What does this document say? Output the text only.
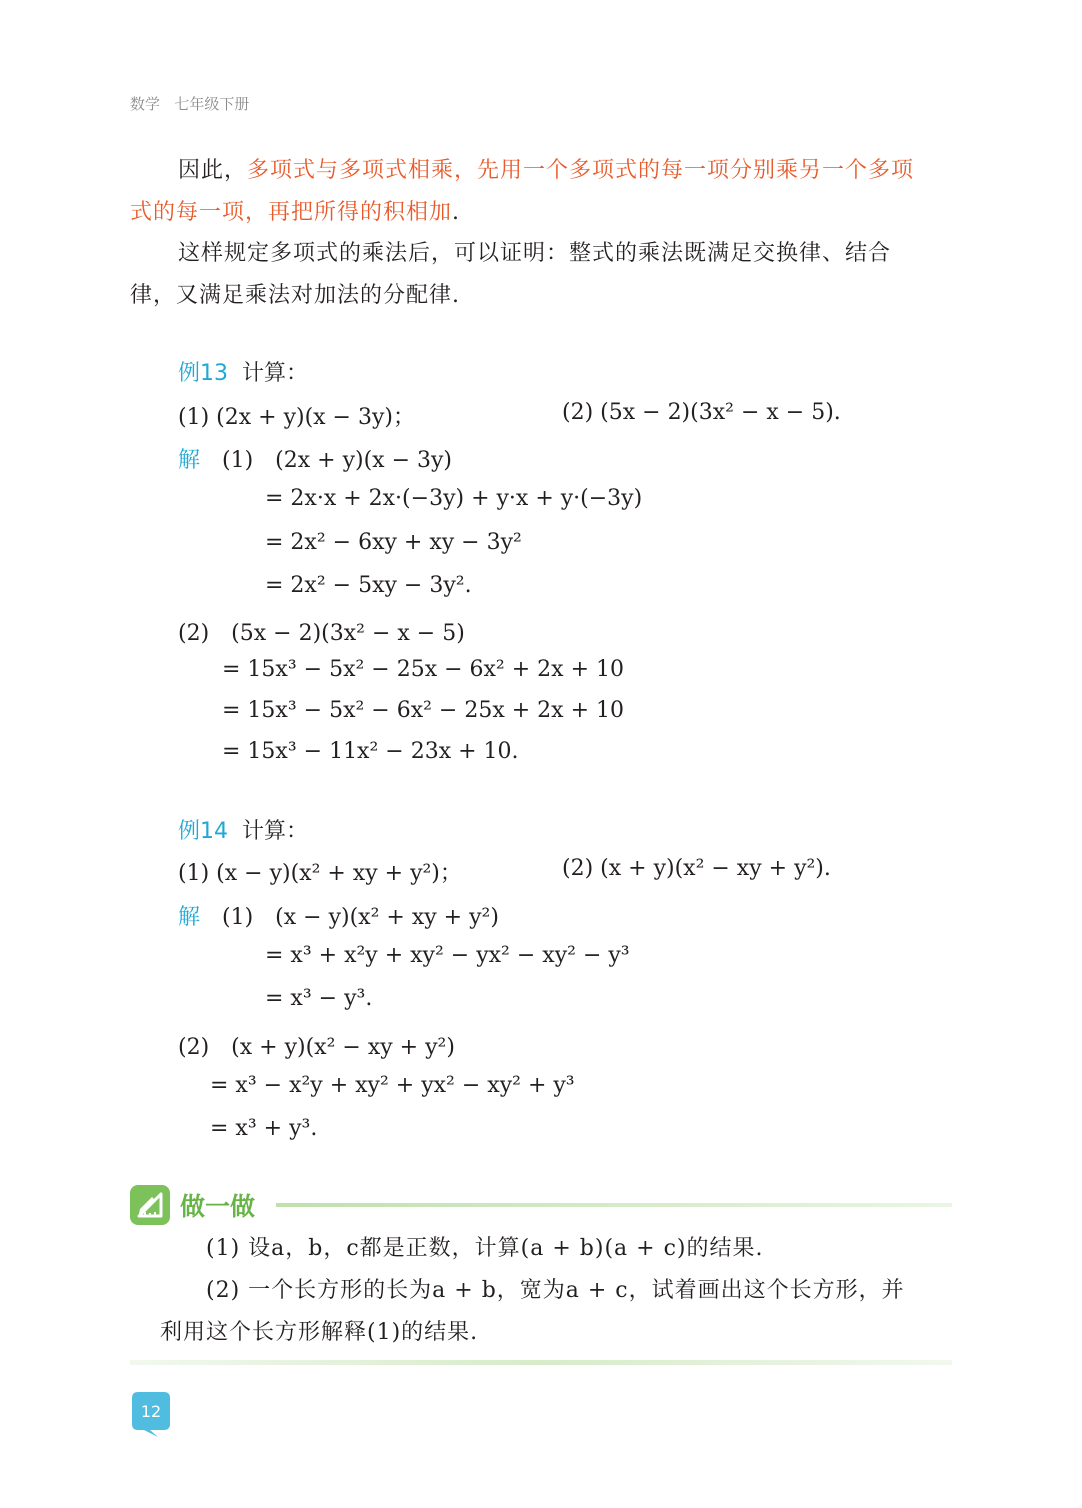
数学 七年级下册
因此，多项式与多项式相乘，先用一个多项式的每一项分别乘另一个多项
式的每一项，再把所得的积相加.
这样规定多项式的乘法后，可以证明：整式的乘法既满足交换律、结合
律，又满足乘法对加法的分配律.
例13 计算：
(1) (2x + y)(x − 3y)；	(2) (5x − 2)(3x² − x − 5).
解 (1)　(2x + y)(x − 3y)
= 2x·x + 2x·(−3y) + y·x + y·(−3y)
= 2x² − 6xy + xy − 3y²
= 2x² − 5xy − 3y².
(2)　(5x − 2)(3x² − x − 5)
= 15x³ − 5x² − 25x − 6x² + 2x + 10
= 15x³ − 5x² − 6x² − 25x + 2x + 10
= 15x³ − 11x² − 23x + 10.
例14 计算：
(1) (x − y)(x² + xy + y²)；	(2) (x + y)(x² − xy + y²).
解 (1)　(x − y)(x² + xy + y²)
= x³ + x²y + xy² − yx² − xy² − y³
= x³ − y³.
(2)　(x + y)(x² − xy + y²)
= x³ − x²y + xy² + yx² − xy² + y³
= x³ + y³.
做一做
(1) 设a，b，c都是正数，计算(a + b)(a + c)的结果.
(2) 一个长方形的长为a + b，宽为a + c，试着画出这个长方形，并
利用这个长方形解释(1)的结果.
12
